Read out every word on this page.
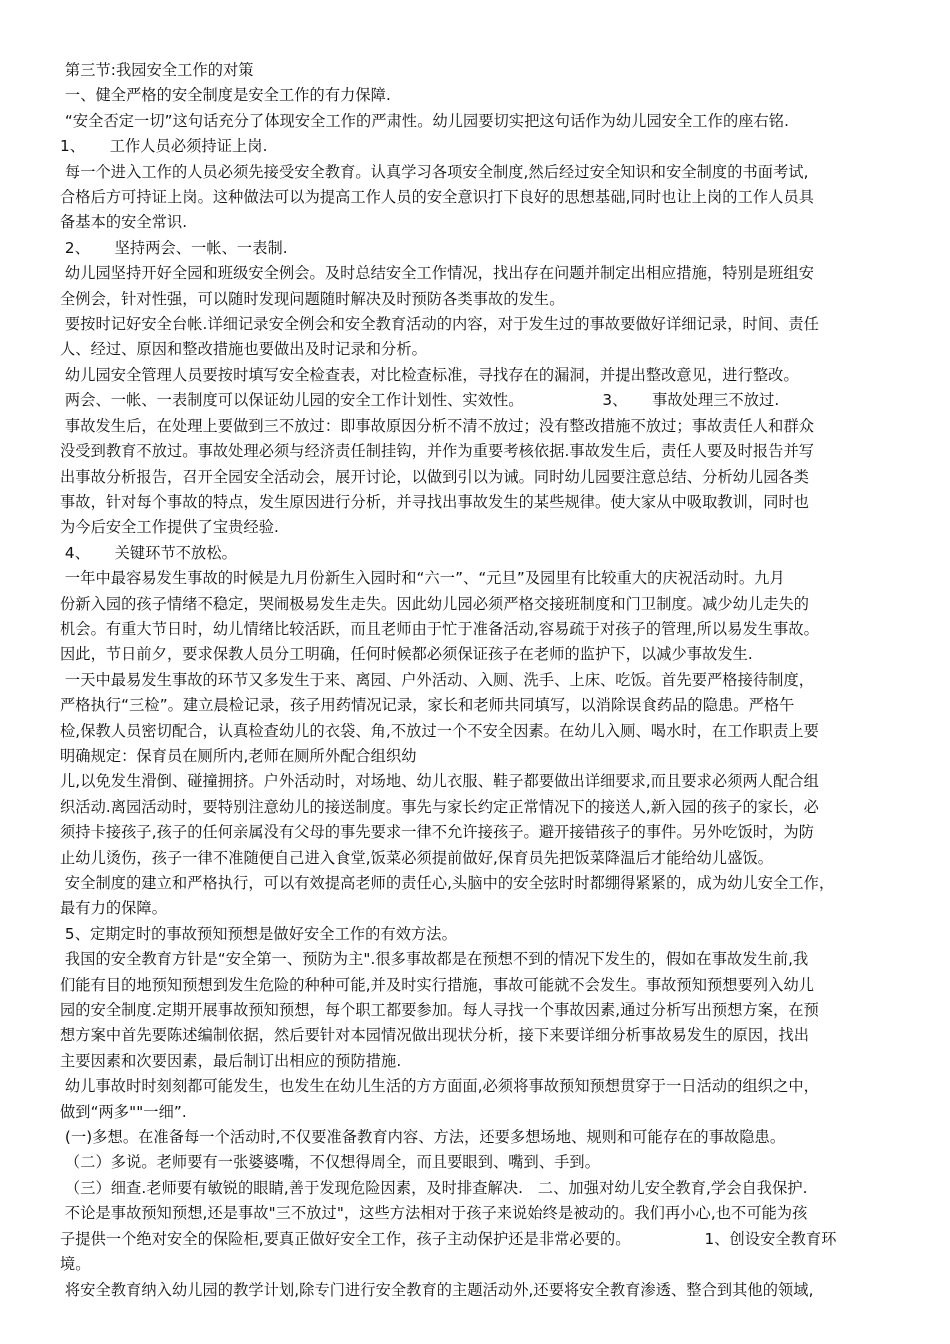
第三节:我园安全工作的对策
一、健全严格的安全制度是安全工作的有力保障.
“安全否定一切”这句话充分了体现安全工作的严肃性。幼儿园要切实把这句话作为幼儿园安全工作的座右铭.
1、     工作人员必须持证上岗.
每一个进入工作的人员必须先接受安全教育。认真学习各项安全制度,然后经过安全知识和安全制度的书面考试,
合格后方可持证上岗。这种做法可以为提高工作人员的安全意识打下良好的思想基础,同时也让上岗的工作人员具
备基本的安全常识.
2、     坚持两会、一帐、一表制.
幼儿园坚持开好全园和班级安全例会。及时总结安全工作情况，找出存在问题并制定出相应措施，特别是班组安
全例会，针对性强，可以随时发现问题随时解决及时预防各类事故的发生。
要按时记好安全台帐.详细记录安全例会和安全教育活动的内容，对于发生过的事故要做好详细记录，时间、责任
人、经过、原因和整改措施也要做出及时记录和分析。
幼儿园安全管理人员要按时填写安全检查表，对比检查标准，寻找存在的漏洞，并提出整改意见，进行整改。
两会、一帐、一表制度可以保证幼儿园的安全工作计划性、实效性。                3、     事故处理三不放过.
事故发生后，在处理上要做到三不放过：即事故原因分析不清不放过；没有整改措施不放过；事故责任人和群众
没受到教育不放过。事故处理必须与经济责任制挂钩，并作为重要考核依据.事故发生后，责任人要及时报告并写
出事故分析报告，召开全园安全活动会，展开讨论，以做到引以为诫。同时幼儿园要注意总结、分析幼儿园各类
事故，针对每个事故的特点，发生原因进行分析，并寻找出事故发生的某些规律。使大家从中吸取教训，同时也
为今后安全工作提供了宝贵经验.
4、     关键环节不放松。
一年中最容易发生事故的时候是九月份新生入园时和“六一”、“元旦”及园里有比较重大的庆祝活动时。九月
份新入园的孩子情绪不稳定，哭闹极易发生走失。因此幼儿园必须严格交接班制度和门卫制度。减少幼儿走失的
机会。有重大节日时，幼儿情绪比较活跃，而且老师由于忙于准备活动,容易疏于对孩子的管理,所以易发生事故。
因此，节日前夕，要求保教人员分工明确，任何时候都必须保证孩子在老师的监护下，以减少事故发生.
一天中最易发生事故的环节又多发生于来、离园、户外活动、入厕、洗手、上床、吃饭。首先要严格接待制度，
严格执行“三检”。建立晨检记录，孩子用药情况记录，家长和老师共同填写，以消除误食药品的隐患。严格午
检,保教人员密切配合，认真检查幼儿的衣袋、角,不放过一个不安全因素。在幼儿入厕、喝水时，在工作职责上要
明确规定：保育员在厕所内,老师在厕所外配合组织幼
儿,以免发生滑倒、碰撞拥挤。户外活动时，对场地、幼儿衣服、鞋子都要做出详细要求,而且要求必须两人配合组
织活动.离园活动时，要特别注意幼儿的接送制度。事先与家长约定正常情况下的接送人,新入园的孩子的家长，必
须持卡接孩子,孩子的任何亲属没有父母的事先要求一律不允许接孩子。避开接错孩子的事件。另外吃饭时，为防
止幼儿烫伤，孩子一律不准随便自己进入食堂,饭菜必须提前做好,保育员先把饭菜降温后才能给幼儿盛饭。
安全制度的建立和严格执行，可以有效提高老师的责任心,头脑中的安全弦时时都绷得紧紧的，成为幼儿安全工作，
最有力的保障。
5、定期定时的事故预知预想是做好安全工作的有效方法。
我国的安全教育方针是“安全第一、预防为主".很多事故都是在预想不到的情况下发生的，假如在事故发生前,我
们能有目的地预知预想到发生危险的种种可能,并及时实行措施，事故可能就不会发生。事故预知预想要列入幼儿
园的安全制度.定期开展事故预知预想，每个职工都要参加。每人寻找一个事故因素,通过分析写出预想方案，在预
想方案中首先要陈述编制依据，然后要针对本园情况做出现状分析，接下来要详细分析事故易发生的原因，找出
主要因素和次要因素，最后制订出相应的预防措施.
幼儿事故时时刻刻都可能发生，也发生在幼儿生活的方方面面,必须将事故预知预想贯穿于一日活动的组织之中，
做到“两多""一细”.
(一)多想。在准备每一个活动时,不仅要准备教育内容、方法，还要多想场地、规则和可能存在的事故隐患。
（二）多说。老师要有一张婆婆嘴，不仅想得周全，而且要眼到、嘴到、手到。
（三）细查.老师要有敏锐的眼睛,善于发现危险因素，及时排查解决.   二、加强对幼儿安全教育,学会自我保护.
不论是事故预知预想,还是事故"三不放过"，这些方法相对于孩子来说始终是被动的。我们再小心,也不可能为孩
子提供一个绝对安全的保险柜,要真正做好安全工作，孩子主动保护还是非常必要的。               1、创设安全教育环
境。
将安全教育纳入幼儿园的教学计划,除专门进行安全教育的主题活动外,还要将安全教育渗透、整合到其他的领域,
